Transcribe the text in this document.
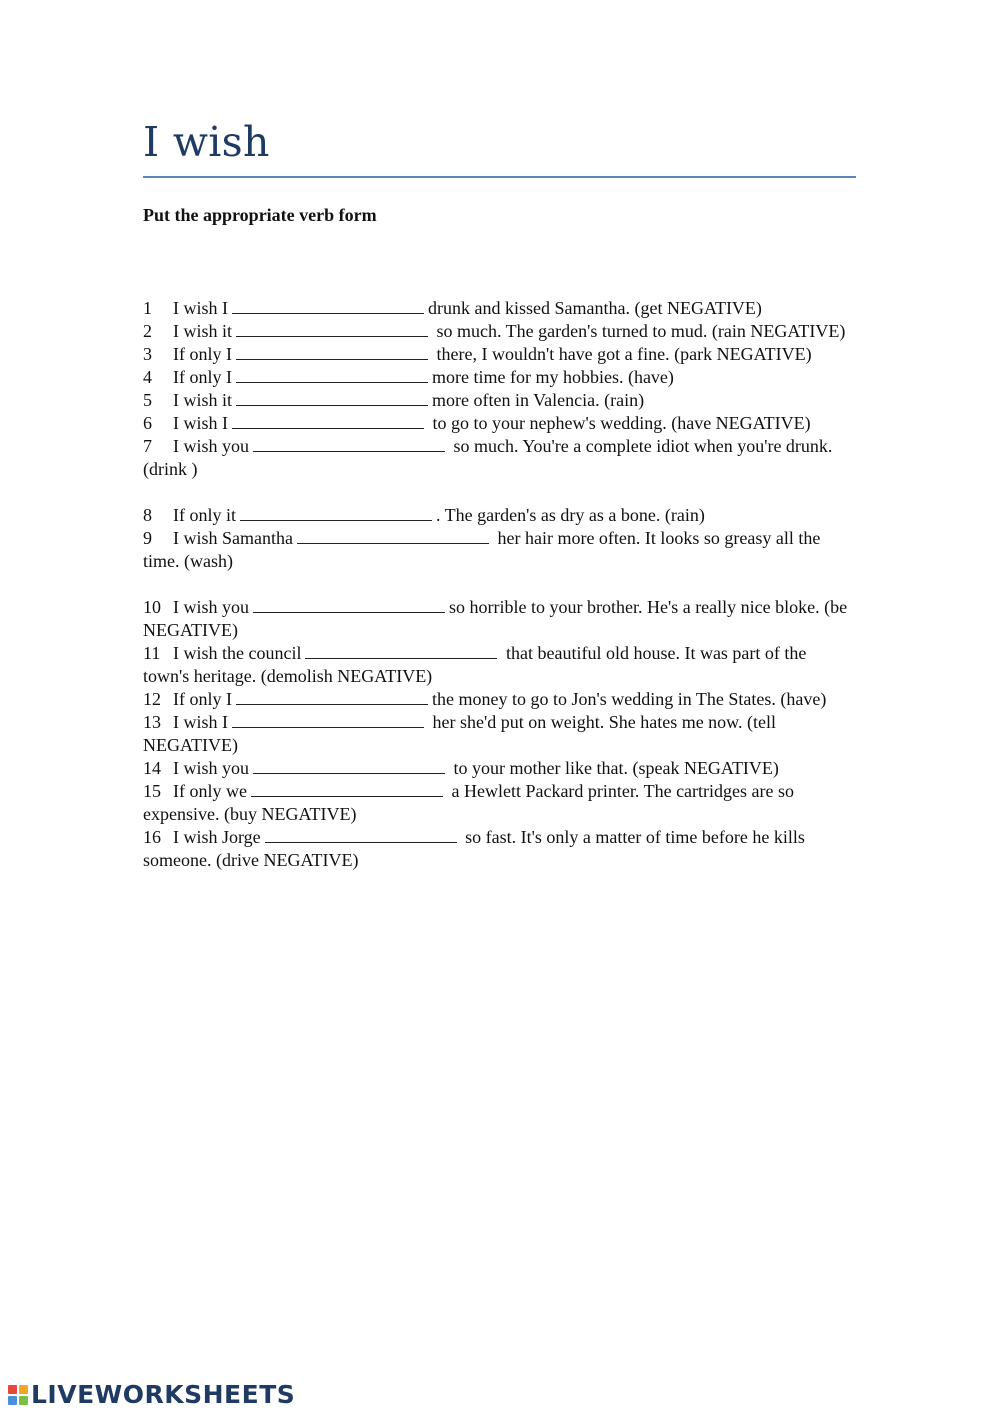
I wish

Put the appropriate verb form

1 I wish I	drunk and kissed Samantha. (get NEGATIVE)
2 I wish it	so much. The garden's turned to mud. (rain NEGATIVE)
3 If only I	there, I wouldn't have got a fine. (park NEGATIVE)
4 If only I	more time for my hobbies. (have)
5 I wish it	more often in Valencia. (rain)
6 I wish I	to go to your nephew's wedding. (have NEGATIVE)
7 I wish you	so much. You're a complete idiot when you're drunk. (drink )
8 If only it	. The garden's as dry as a bone. (rain)
9 I wish Samantha	her hair more often. It looks so greasy all the time. (wash)
10 I wish you	so horrible to your brother. He's a really nice bloke. (be NEGATIVE)
11 I wish the council	that beautiful old house. It was part of the town's heritage. (demolish NEGATIVE)
12 If only I	the money to go to Jon's wedding in The States. (have)
13 I wish I	her she'd put on weight. She hates me now. (tell NEGATIVE)
14 I wish you	to your mother like that. (speak NEGATIVE)
15 If only we	a Hewlett Packard printer. The cartridges are so expensive. (buy NEGATIVE)
16 I wish Jorge	so fast. It's only a matter of time before he kills someone. (drive NEGATIVE)
LIVEWORKSHEETS
